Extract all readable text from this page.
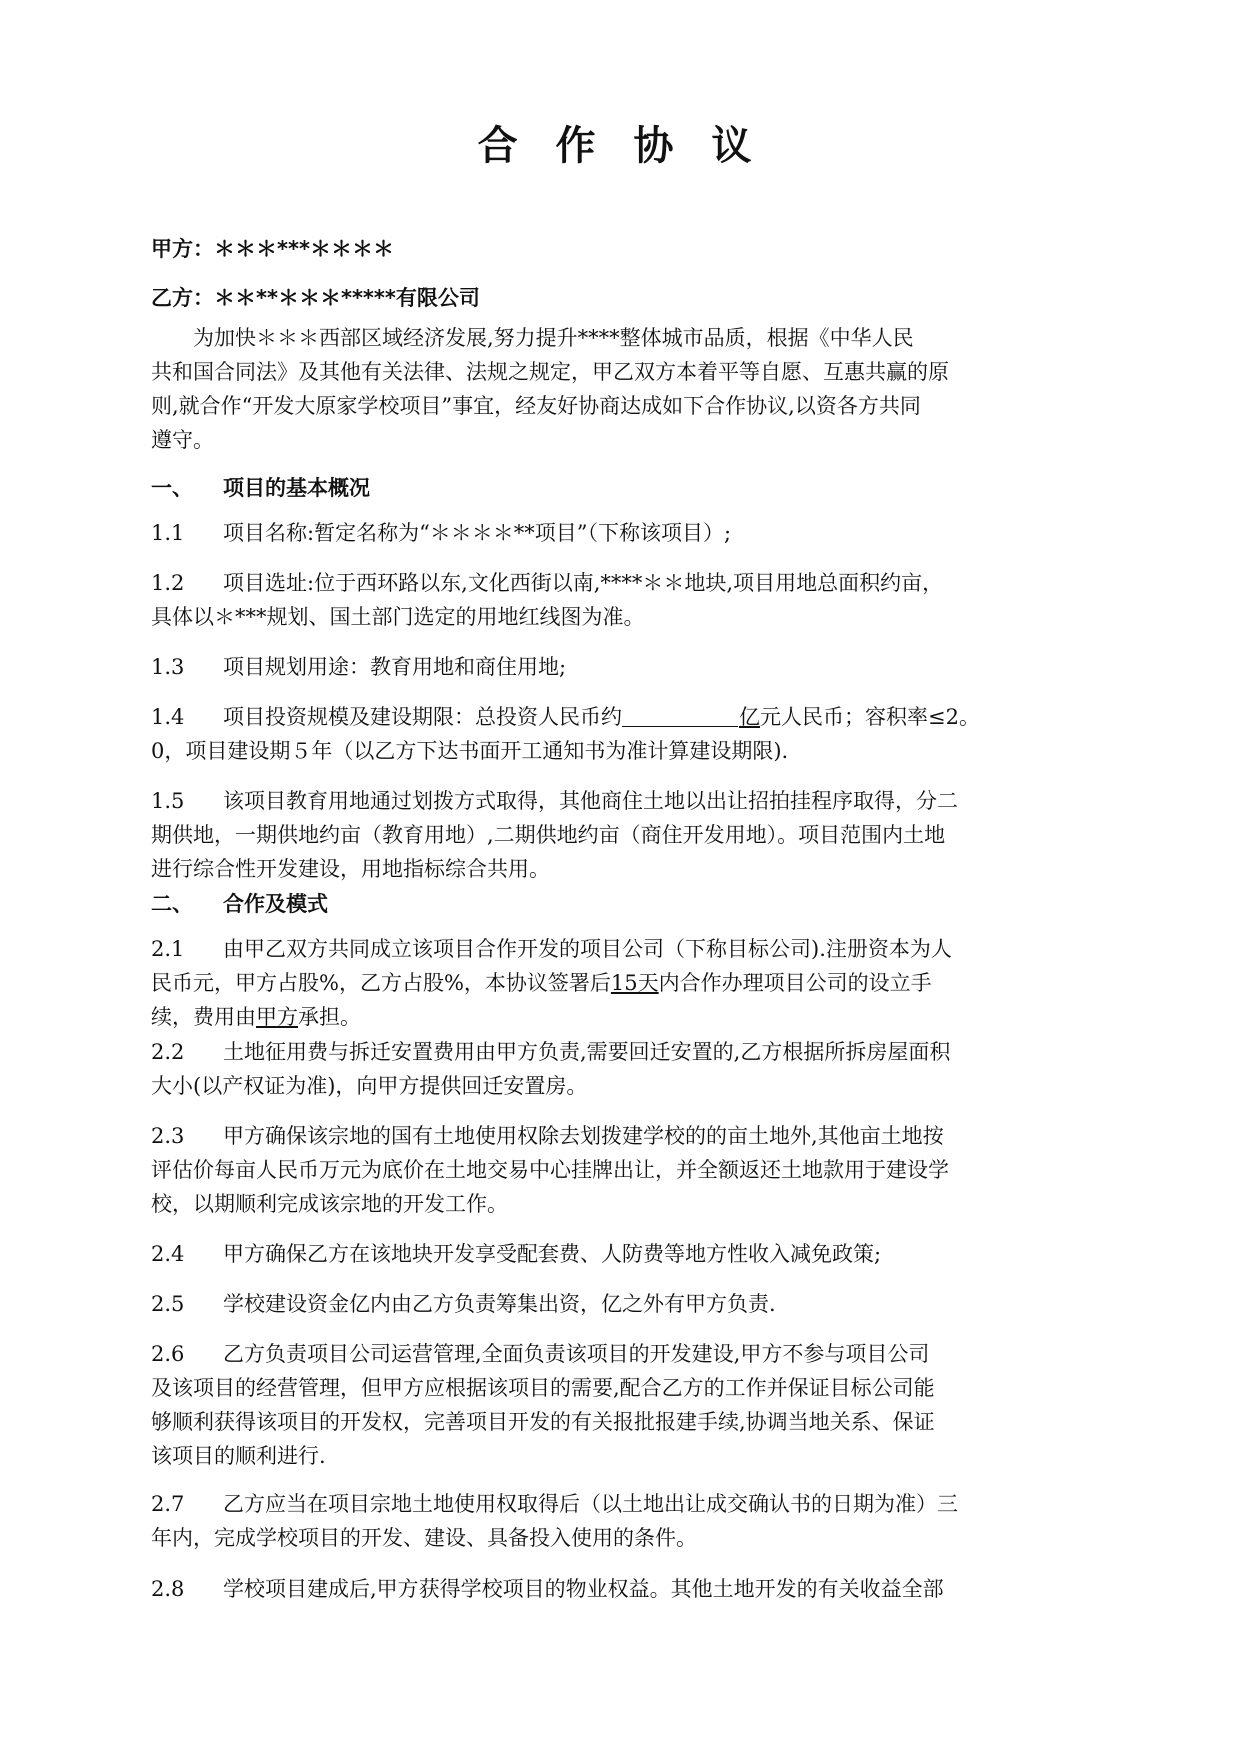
合 作 协 议
甲方：＊＊＊***＊＊＊＊
乙方：＊＊**＊＊＊*****有限公司
为加快＊＊＊西部区域经济发展,努力提升****整体城市品质，根据《中华人民
共和国合同法》及其他有关法律、法规之规定，甲乙双方本着平等自愿、互惠共赢的原
则,就合作“开发大原家学校项目”事宜，经友好协商达成如下合作协议,以资各方共同
遵守。
一、 项目的基本概况
1.1 项目名称:暂定名称为“＊＊＊＊**项目”（下称该项目）;
1.2 项目选址:位于西环路以东,文化西街以南,****＊＊地块,项目用地总面积约亩，
具体以＊***规划、国土部门选定的用地红线图为准。
1.3 项目规划用途：教育用地和商住用地;
1.4 项目投资规模及建设期限：总投资人民币约	亿元人民币；容积率≤2。
0，项目建设期５年（以乙方下达书面开工通知书为准计算建设期限).
1.5 该项目教育用地通过划拨方式取得，其他商住土地以出让招拍挂程序取得，分二
期供地，一期供地约亩（教育用地）,二期供地约亩（商住开发用地）。项目范围内土地
进行综合性开发建设，用地指标综合共用。
二、 合作及模式
2.1 由甲乙双方共同成立该项目合作开发的项目公司（下称目标公司).注册资本为人
民币元，甲方占股%，乙方占股%，本协议签署后15天内合作办理项目公司的设立手
续，费用由甲方承担。
2.2 土地征用费与拆迁安置费用由甲方负责,需要回迁安置的,乙方根据所拆房屋面积
大小(以产权证为准)，向甲方提供回迁安置房。
2.3 甲方确保该宗地的国有土地使用权除去划拨建学校的的亩土地外,其他亩土地按
评估价每亩人民币万元为底价在土地交易中心挂牌出让，并全额返还土地款用于建设学
校，以期顺利完成该宗地的开发工作。
2.4 甲方确保乙方在该地块开发享受配套费、人防费等地方性收入减免政策;
2.5 学校建设资金亿内由乙方负责筹集出资，亿之外有甲方负责.
2.6 乙方负责项目公司运营管理,全面负责该项目的开发建设,甲方不参与项目公司
及该项目的经营管理，但甲方应根据该项目的需要,配合乙方的工作并保证目标公司能
够顺利获得该项目的开发权，完善项目开发的有关报批报建手续,协调当地关系、保证
该项目的顺利进行.
2.7 乙方应当在项目宗地土地使用权取得后（以土地出让成交确认书的日期为准）三
年内，完成学校项目的开发、建设、具备投入使用的条件。
2.8 学校项目建成后,甲方获得学校项目的物业权益。其他土地开发的有关收益全部
